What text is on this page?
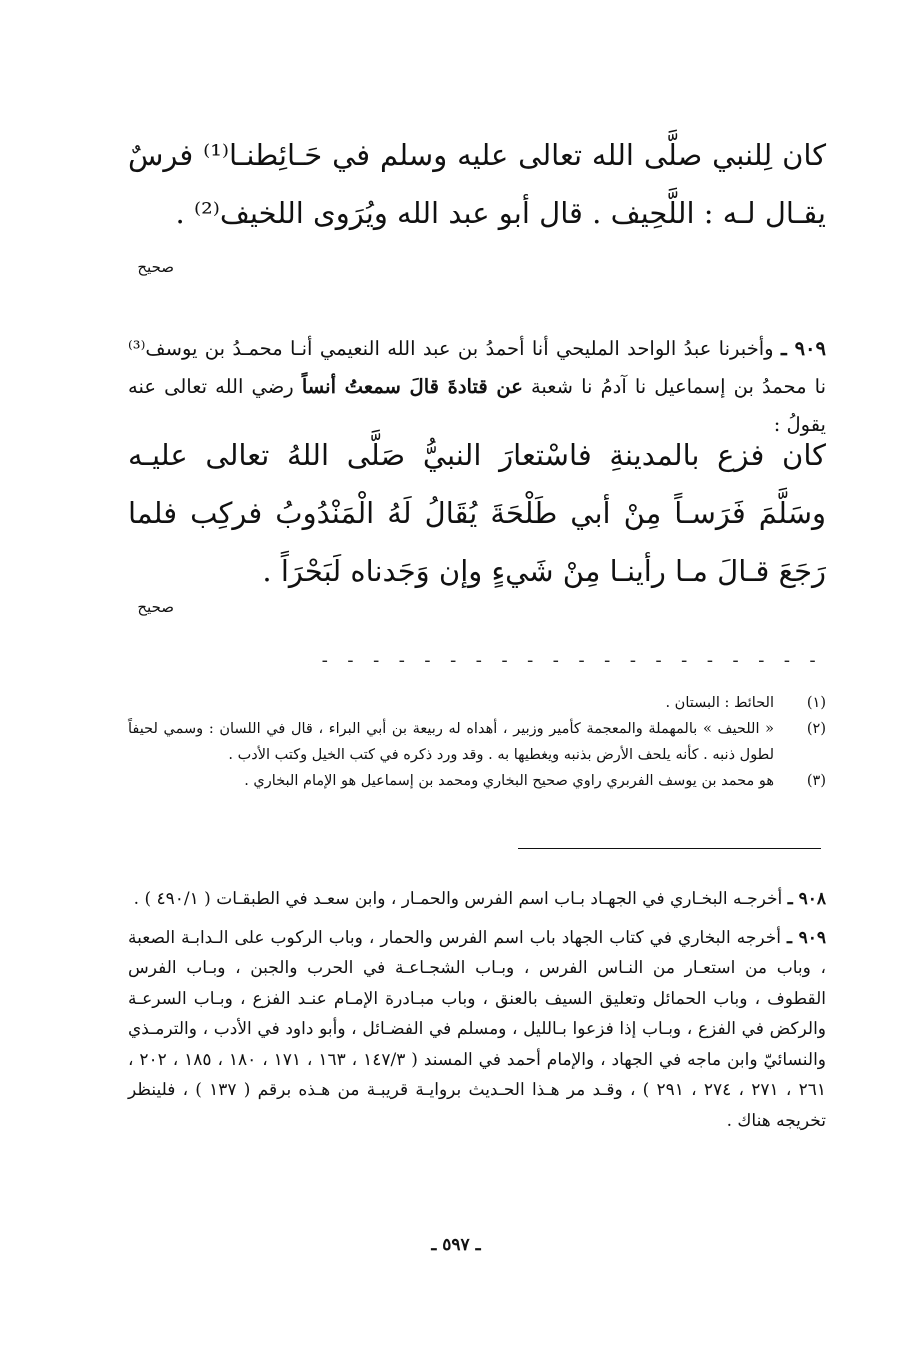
كان لِلنبي صلَّى الله تعالى عليه وسلم في حَـائِطنـا⁽¹⁾ فرسٌ يقـال لـه : اللَّحِيف . قال أبو عبد الله ويُرَوى اللخيف⁽²⁾ .

صحيح

٩٠٩ ـ وأخبرنا عبدُ الواحد المليحي أنا أحمدُ بن عبد الله النعيمي أنـا محمـدُ بن يوسف⁽³⁾ نا محمدُ بن إسماعيل نا آدمُ نا شعبة عن قتادةَ قالَ سمعتُ أنساً رضي الله تعالى عنه يقولُ :

كان فزع بالمدينةِ فاسْتعارَ النبيُّ صَلَّى اللهُ تعالى عليـه وسَلَّمَ فَرَسـاً مِنْ أبي طَلْحَةَ يُقَالُ لَهُ الْمَنْدُوبُ فركِب فلما رَجَعَ قـالَ مـا رأينـا مِنْ شَيءٍ وإن وَجَدناه لَبَحْرَاً .

صحيح
- - - - - - - - - - - - - - - - - - - -
(١)
الحائط : البستان .
(٢)
« اللحيف » بالمهملة والمعجمة كأمير وزبير ، أهداه له ربيعة بن أبي البراء ، قال في اللسان : وسمي لحيفاً لطول ذنبه . كأنه يلحف الأرض بذنبه ويغطيها به . وقد ورد ذكره في كتب الخيل وكتب الأدب .
(٣)
هو محمد بن يوسف الفربري راوي صحيح البخاري ومحمد بن إسماعيل هو الإمام البخاري .

٩٠٨ ـ أخرجـه البخـاري في الجهـاد بـاب اسم الفرس والحمـار ، وابن سعـد في الطبقـات ( ٤٩٠/١ ) .

٩٠٩ ـ أخرجه البخاري في كتاب الجهاد باب اسم الفرس والحمار ، وباب الركوب على الـدابـة الصعبة ، وباب من استعـار من النـاس الفرس ، وبـاب الشجـاعـة في الحرب والجبن ، وبـاب الفرس القطوف ، وباب الحمائل وتعليق السيف بالعنق ، وباب مبـادرة الإمـام عنـد الفزع ، وبـاب السرعـة والركض في الفزع ، وبـاب إذا فزعوا بـالليل ، ومسلم في الفضـائل ، وأبو داود في الأدب ، والترمـذي والنسائيّ وابن ماجه في الجهاد ، والإمام أحمد في المسند ( ١٤٧/٣ ، ١٦٣ ، ١٧١ ، ١٨٠ ، ١٨٥ ، ٢٠٢ ، ٢٦١ ، ٢٧١ ، ٢٧٤ ، ٢٩١ ) ، وقـد مر هـذا الحـديث بروايـة قريبـة من هـذه برقم ( ١٣٧ ) ، فلينظر تخريجه هناك .

ـ ٥٩٧ ـ
